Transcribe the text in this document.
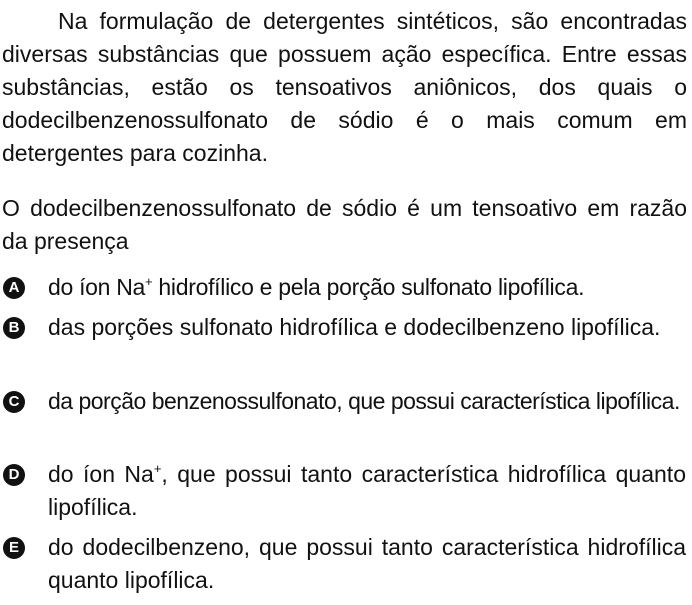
Na formulação de detergentes sintéticos, são encontradas diversas substâncias que possuem ação específica. Entre essas substâncias, estão os tensoativos aniônicos, dos quais o dodecilbenzenossulfonato de sódio é o mais comum em detergentes para cozinha.

O dodecilbenzenossulfonato de sódio é um tensoativo em razão da presença

A do íon Na+ hidrofílico e pela porção sulfonato lipofílica.

B das porções sulfonato hidrofílica e dodecilbenzeno lipofílica.

C da porção benzenossulfonato, que possui característica lipofílica.

D do íon Na+, que possui tanto característica hidrofílica quanto lipofílica.

E do dodecilbenzeno, que possui tanto característica hidrofílica quanto lipofílica.
